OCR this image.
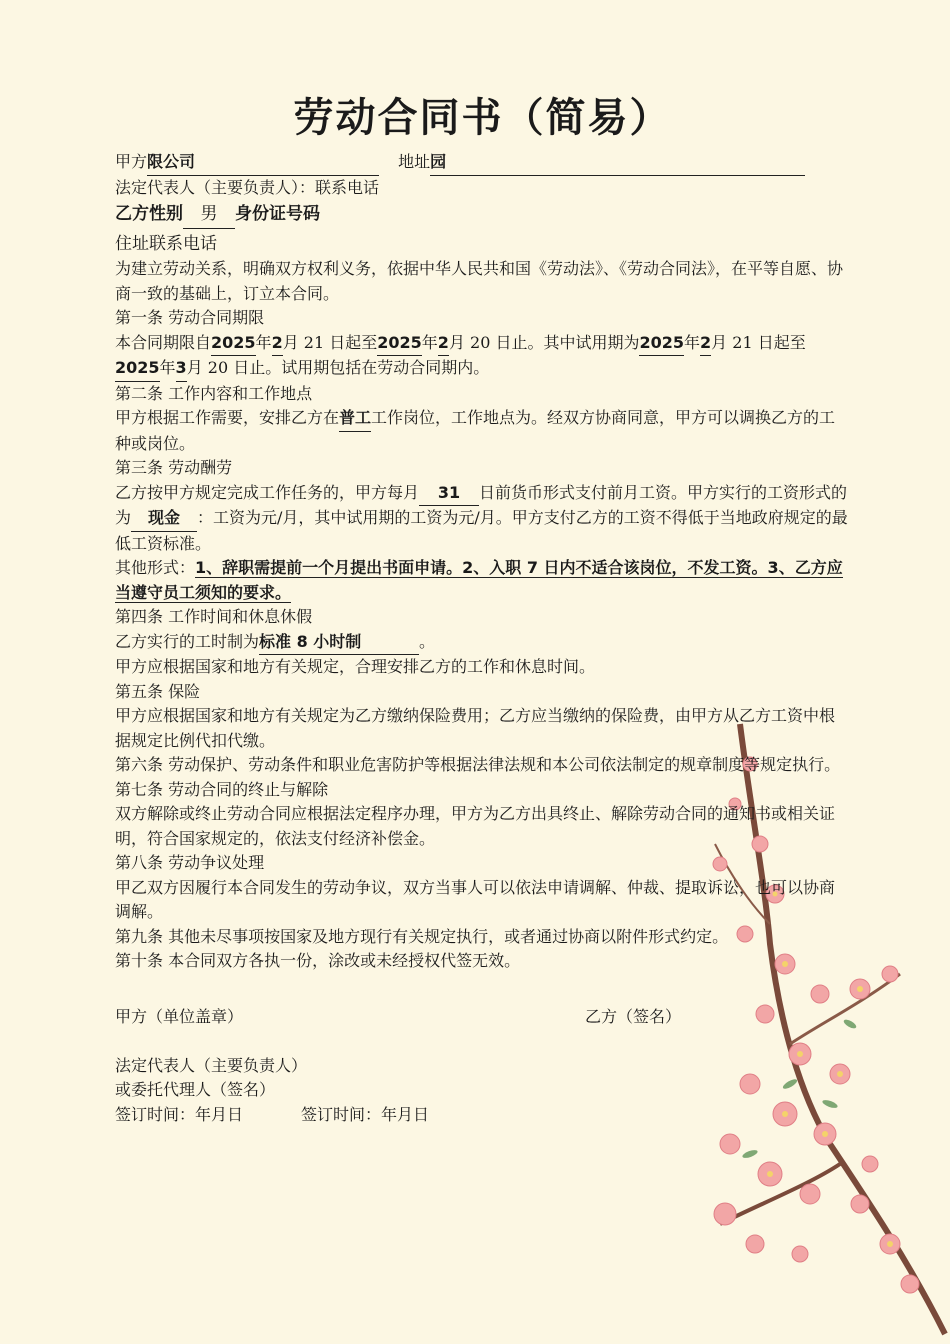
劳动合同书（简易）
甲方限公司	地址园
法定代表人（主要负责人）：联系电话
乙方性别 男 身份证号码
住址联系电话
为建立劳动关系，明确双方权利义务，依据中华人民共和国《劳动法》、《劳动合同法》，在平等自愿、协商一致的基础上，订立本合同。
第一条 劳动合同期限
本合同期限自2025年2月 21 日起至2025年2月 20 日止。其中试用期为2025年2月 21 日起至2025年3月 20 日止。试用期包括在劳动合同期内。
第二条 工作内容和工作地点
甲方根据工作需要，安排乙方在普工工作岗位，工作地点为。经双方协商同意，甲方可以调换乙方的工种或岗位。
第三条 劳动酬劳
乙方按甲方规定完成工作任务的，甲方每月 31 日前货币形式支付前月工资。甲方实行的工资形式的为 现金 ：工资为元/月，其中试用期的工资为元/月。甲方支付乙方的工资不得低于当地政府规定的最低工资标准。
其他形式：1、辞职需提前一个月提出书面申请。2、入职 7 日内不适合该岗位，不发工资。3、乙方应当遵守员工须知的要求。
第四条 工作时间和休息休假
乙方实行的工时制为标准 8 小时制	。
甲方应根据国家和地方有关规定，合理安排乙方的工作和休息时间。
第五条 保险
甲方应根据国家和地方有关规定为乙方缴纳保险费用；乙方应当缴纳的保险费，由甲方从乙方工资中根据规定比例代扣代缴。
第六条 劳动保护、劳动条件和职业危害防护等根据法律法规和本公司依法制定的规章制度等规定执行。
第七条 劳动合同的终止与解除
双方解除或终止劳动合同应根据法定程序办理，甲方为乙方出具终止、解除劳动合同的通知书或相关证明，符合国家规定的，依法支付经济补偿金。
第八条 劳动争议处理
甲乙双方因履行本合同发生的劳动争议，双方当事人可以依法申请调解、仲裁、提取诉讼，也可以协商调解。
第九条 其他未尽事项按国家及地方现行有关规定执行，或者通过协商以附件形式约定。
第十条 本合同双方各执一份，涂改或未经授权代签无效。
甲方（单位盖章）	乙方（签名）
法定代表人（主要负责人）
或委托代理人（签名）
签订时间：年月日	签订时间：年月日
